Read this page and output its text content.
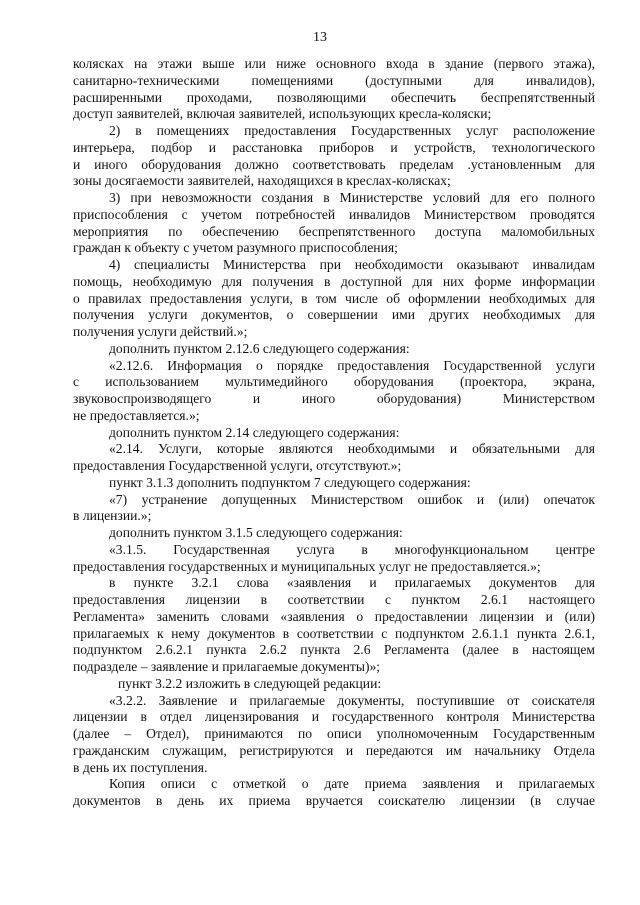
13
колясках на этажи выше или ниже основного входа в здание (первого этажа),
санитарно-техническими помещениями (доступными для инвалидов),
расширенными проходами, позволяющими обеспечить беспрепятственный
доступ заявителей, включая заявителей, использующих кресла-коляски;
2) в помещениях предоставления Государственных услуг расположение
интерьера, подбор и расстановка приборов и устройств, технологического
и иного оборудования должно соответствовать пределам .установленным для
зоны досягаемости заявителей, находящихся в креслах-колясках;
3) при невозможности создания в Министерстве условий для его полного
приспособления с учетом потребностей инвалидов Министерством проводятся
мероприятия по обеспечению беспрепятственного доступа маломобильных
граждан к объекту с учетом разумного приспособления;
4) специалисты Министерства при необходимости оказывают инвалидам
помощь, необходимую для получения в доступной для них форме информации
о правилах предоставления услуги, в том числе об оформлении необходимых для
получения услуги документов, о совершении ими других необходимых для
получения услуги действий.»;
дополнить пунктом 2.12.6 следующего содержания:
«2.12.6. Информация о порядке предоставления Государственной услуги
с использованием мультимедийного оборудования (проектора, экрана,
звуковоспроизводящего и иного оборудования) Министерством
не предоставляется.»;
дополнить пунктом 2.14 следующего содержания:
«2.14. Услуги, которые являются необходимыми и обязательными для
предоставления Государственной услуги, отсутствуют.»;
пункт 3.1.3 дополнить подпунктом 7 следующего содержания:
«7) устранение допущенных Министерством ошибок и (или) опечаток
в лицензии.»;
дополнить пунктом 3.1.5 следующего содержания:
«3.1.5. Государственная услуга в многофункциональном центре
предоставления государственных и муниципальных услуг не предоставляется.»;
в пункте 3.2.1 слова «заявления и прилагаемых документов для
предоставления лицензии в соответствии с пунктом 2.6.1 настоящего
Регламента» заменить словами «заявления о предоставлении лицензии и (или)
прилагаемых к нему документов в соответствии с подпунктом 2.6.1.1 пункта 2.6.1,
подпунктом 2.6.2.1 пункта 2.6.2 пункта 2.6 Регламента (далее в настоящем
подразделе – заявление и прилагаемые документы)»;
пункт 3.2.2 изложить в следующей редакции:
«3.2.2. Заявление и прилагаемые документы, поступившие от соискателя
лицензии в отдел лицензирования и государственного контроля Министерства
(далее – Отдел), принимаются по описи уполномоченным Государственным
гражданским служащим, регистрируются и передаются им начальнику Отдела
в день их поступления.
Копия описи с отметкой о дате приема заявления и прилагаемых
документов в день их приема вручается соискателю лицензии (в случае
